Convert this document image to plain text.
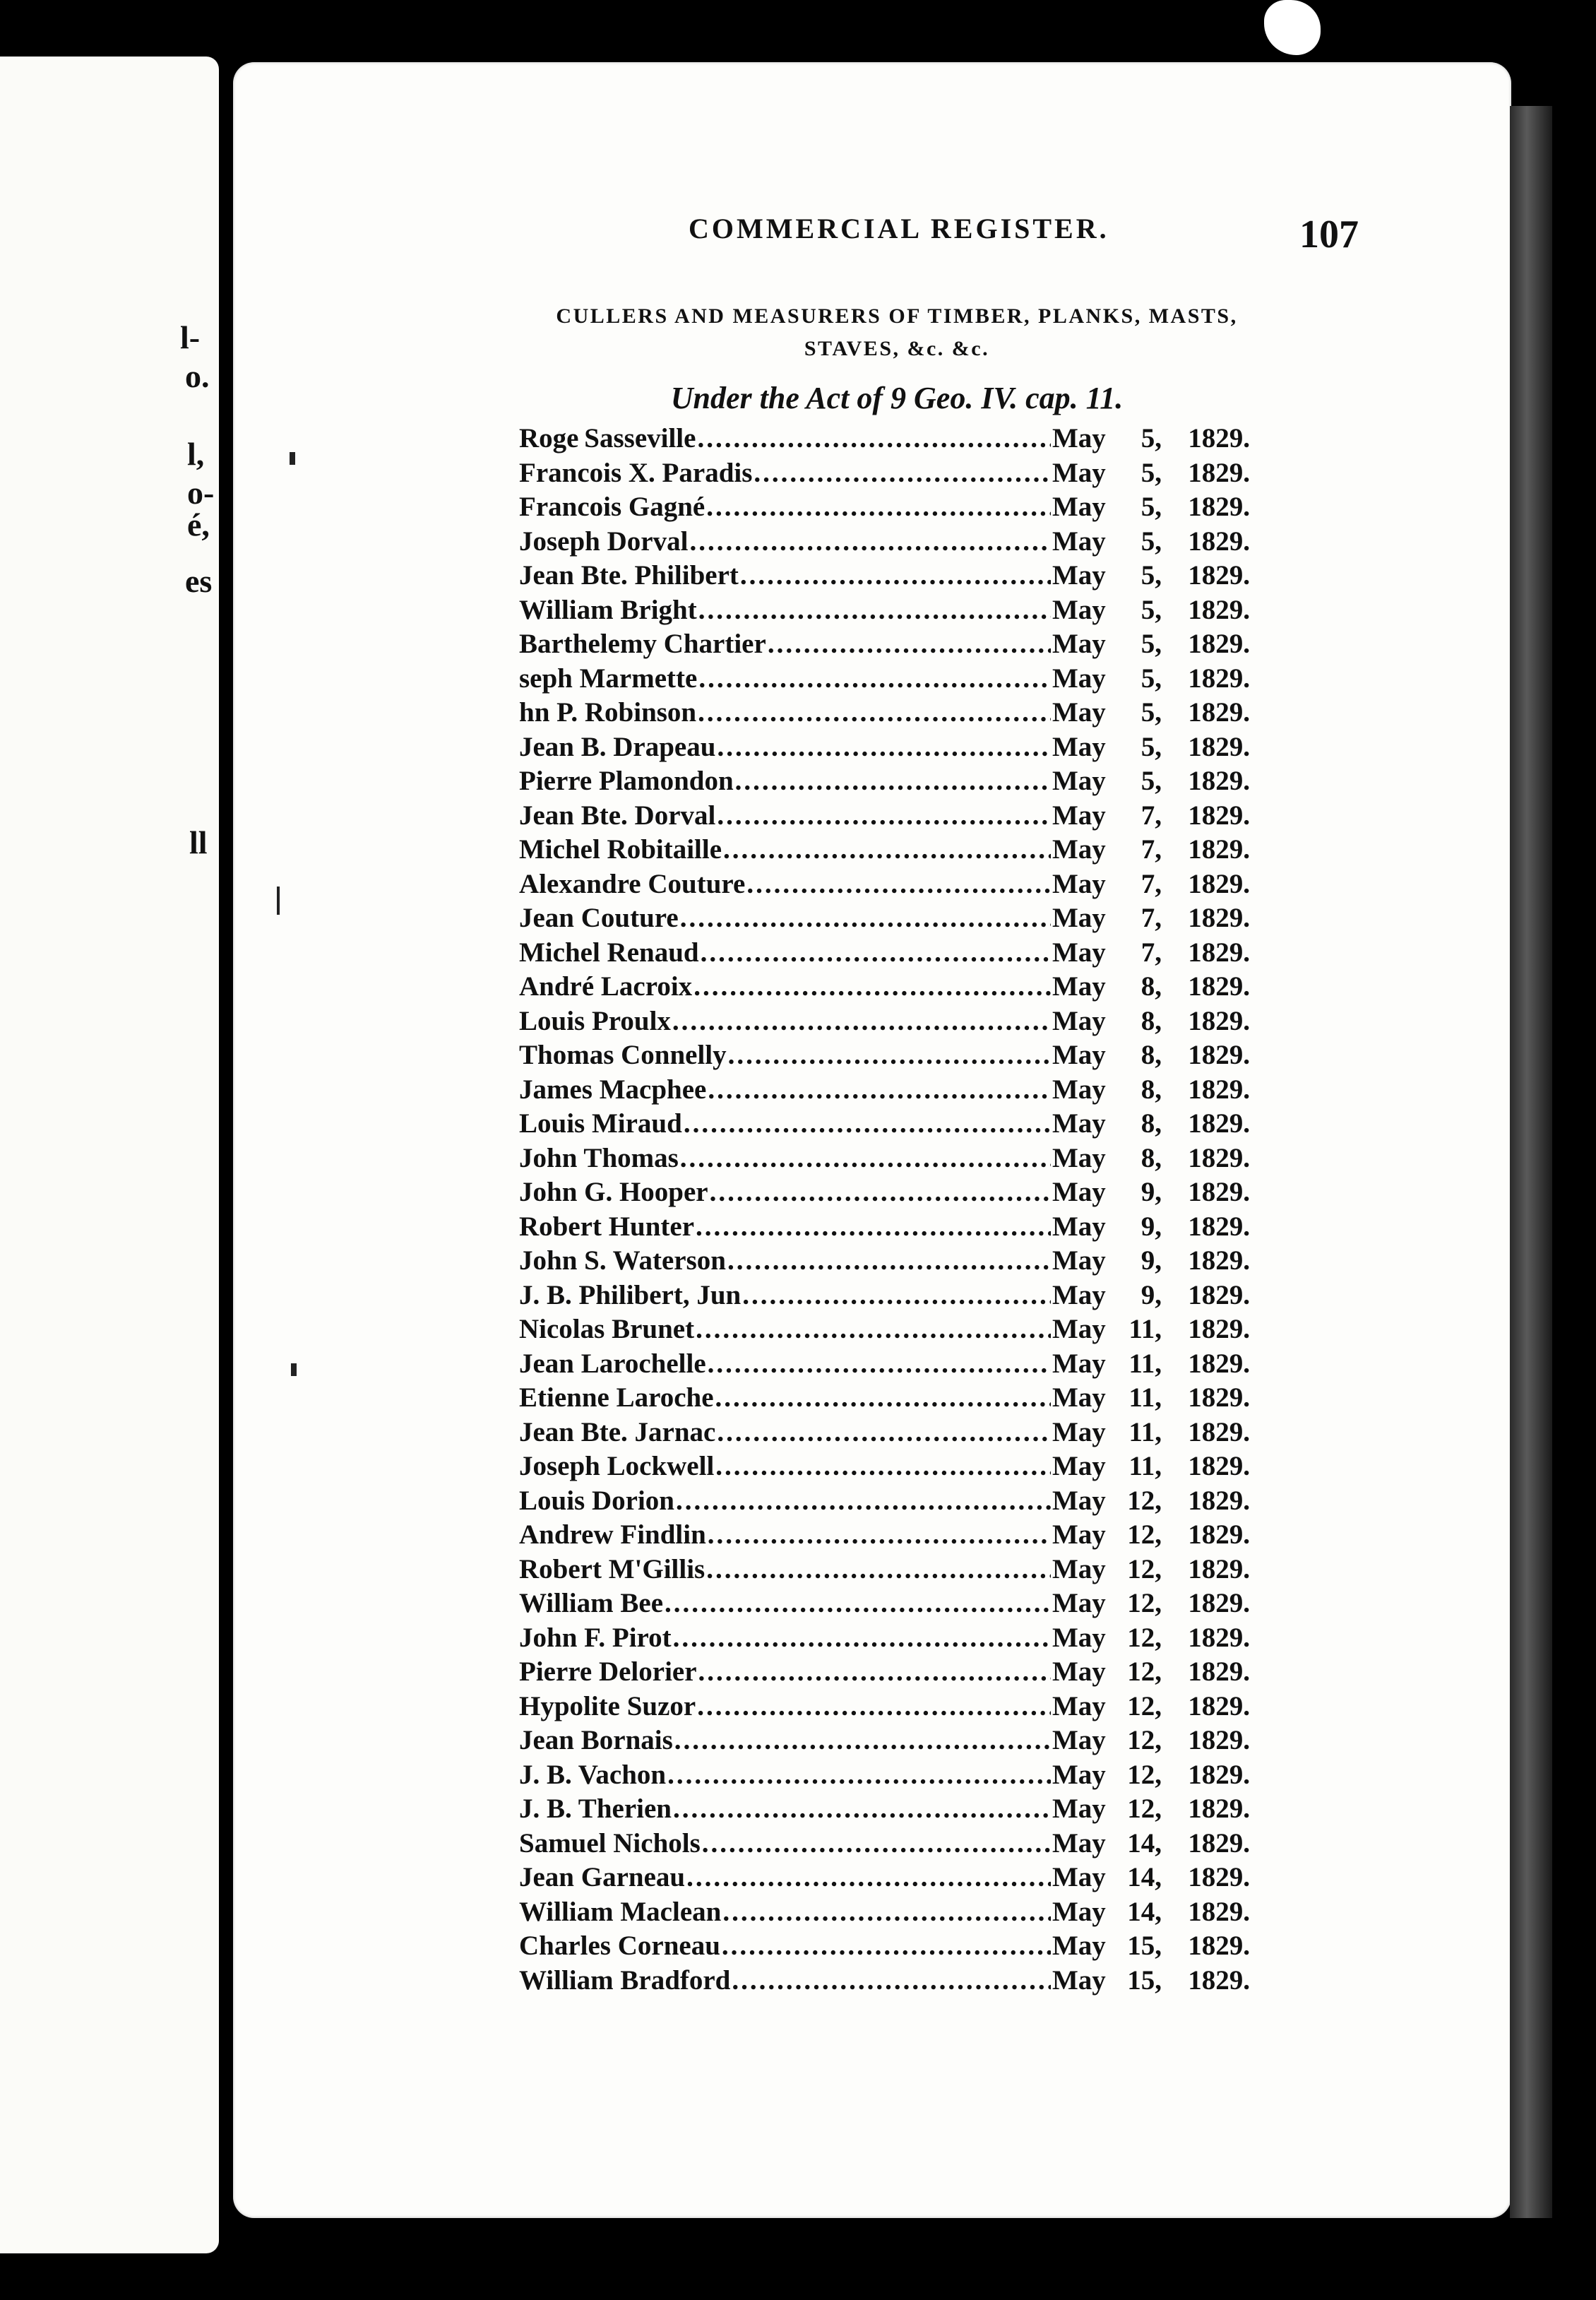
l-
o.
l,
o-
é,
es
ll
COMMERCIAL REGISTER.	107
CULLERS AND MEASURERS OF TIMBER, PLANKS, MASTS,
STAVES, &c. &c.
Under the Act of 9 Geo. IV. cap. 11.
Roge Sasseville .....	May	5, 1829.
Francois X. Paradis .....	May	5, 1829.
Francois Gagné .....	May	5, 1829.
Joseph Dorval .....	May	5, 1829.
Jean Bte. Philibert .....	May	5, 1829.
William Bright .....	May	5, 1829.
Barthelemy Chartier .....	May	5, 1829.
seph Marmette .....	May	5, 1829.
hn P. Robinson .....	May	5, 1829.
Jean B. Drapeau .....	May	5, 1829.
Pierre Plamondon .....	May	5, 1829.
Jean Bte. Dorval .....	May	7, 1829.
Michel Robitaille .....	May	7, 1829.
Alexandre Couture .....	May	7, 1829.
Jean Couture .....	May	7, 1829.
Michel Renaud .....	May	7, 1829.
André Lacroix .....	May	8, 1829.
Louis Proulx .....	May	8, 1829.
Thomas Connelly .....	May	8, 1829.
James Macphee .....	May	8, 1829.
Louis Miraud .....	May	8, 1829.
John Thomas .....	May	8, 1829.
John G. Hooper .....	May	9, 1829.
Robert Hunter .....	May	9, 1829.
John S. Waterson .....	May	9, 1829.
J. B. Philibert, Jun .....	May	9, 1829.
Nicolas Brunet .....	May 11, 1829.
Jean Larochelle .....	May 11, 1829.
Etienne Laroche .....	May 11, 1829.
Jean Bte. Jarnac .....	May 11, 1829.
Joseph Lockwell .....	May 11, 1829.
Louis Dorion .....	May 12, 1829.
Andrew Findlin .....	May 12, 1829.
Robert M'Gillis .....	May 12, 1829.
William Bee .....	May 12, 1829.
John F. Pirot .....	May 12, 1829.
Pierre Delorier .....	May 12, 1829.
Hypolite Suzor .....	May 12, 1829.
Jean Bornais .....	May 12, 1829.
J. B. Vachon .....	May 12, 1829.
J. B. Therien .....	May 12, 1829.
Samuel Nichols .....	May 14, 1829.
Jean Garneau .....	May 14, 1829.
William Maclean .....	May 14, 1829.
Charles Corneau .....	May 15, 1829.
William Bradford .....	May 15, 1829.
